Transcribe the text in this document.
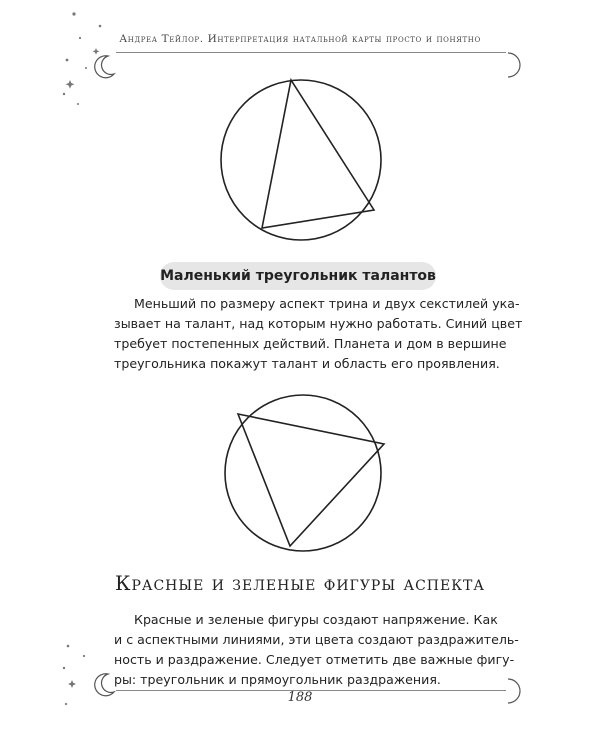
Андреа Тейлор. Интерпретация натальной карты просто и понятно
Маленький треугольник талантов
Меньший по размеру аспект трина и двух секстилей ука-
зывает на талант, над которым нужно работать. Синий цвет
требует постепенных действий. Планета и дом в вершине
треугольника покажут талант и область его проявления.
Красные и зеленые фигуры аспекта
Красные и зеленые фигуры создают напряжение. Как
и с аспектными линиями, эти цвета создают раздражитель-
ность и раздражение. Следует отметить две важные фигу-
ры: треугольник и прямоугольник раздражения.
188
